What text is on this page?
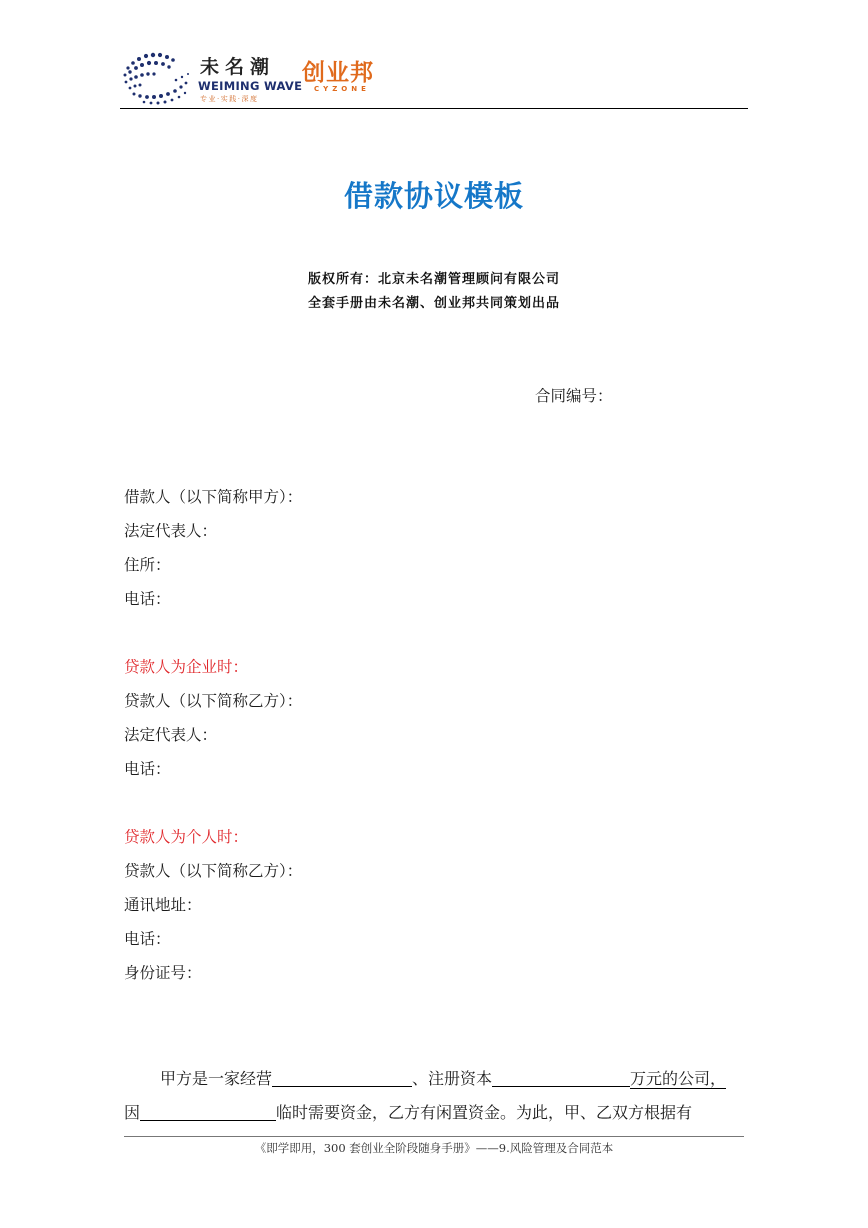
未名潮
WEIMING WAVE
专业·实践·深度
创业邦
CYZONE
借款协议模板
版权所有：北京未名潮管理顾问有限公司
全套手册由未名潮、创业邦共同策划出品
合同编号：
借款人（以下简称甲方）：
法定代表人：
住所：
电话：
贷款人为企业时：
贷款人（以下简称乙方）：
法定代表人：
电话：
贷款人为个人时：
贷款人（以下简称乙方）：
通讯地址：
电话：
身份证号：
甲方是一家经营	、注册资本	万元的公司，
因	临时需要资金，乙方有闲置资金。为此，甲、乙双方根据有
《即学即用，300 套创业全阶段随身手册》——9.风险管理及合同范本
